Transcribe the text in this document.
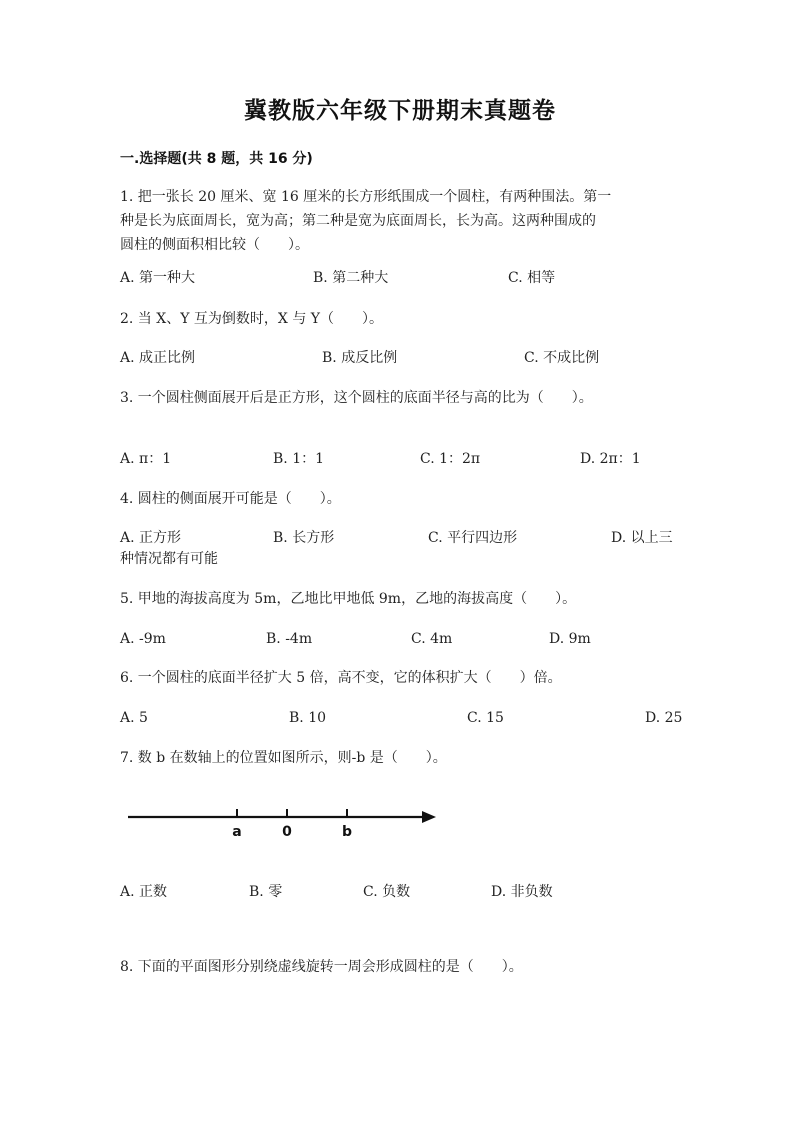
冀教版六年级下册期末真题卷
一.选择题(共 8 题，共 16 分)
1. 把一张长 20 厘米、宽 16 厘米的长方形纸围成一个圆柱，有两种围法。第一
种是长为底面周长，宽为高；第二种是宽为底面周长，长为高。这两种围成的
圆柱的侧面积相比较（　　）。
A. 第一种大	B. 第二种大	C. 相等
2. 当 X、Y 互为倒数时，X 与 Y（　　）。
A. 成正比例	B. 成反比例	C. 不成比例
3. 一个圆柱侧面展开后是正方形，这个圆柱的底面半径与高的比为（　　）。
A. π：1	B. 1：1	C. 1：2π	D. 2π：1
4. 圆柱的侧面展开可能是（　　）。
A. 正方形	B. 长方形	C. 平行四边形	D. 以上三
种情况都有可能
5. 甲地的海拔高度为 5m，乙地比甲地低 9m，乙地的海拔高度（　　）。
A. -9m	B. -4m	C. 4m	D. 9m
6. 一个圆柱的底面半径扩大 5 倍，高不变，它的体积扩大（　　）倍。
A. 5	B. 10	C. 15	D. 25
7. 数 b 在数轴上的位置如图所示，则-b 是（　　）。
a	0	b
A. 正数	B. 零	C. 负数	D. 非负数
8. 下面的平面图形分别绕虚线旋转一周会形成圆柱的是（　　）。
